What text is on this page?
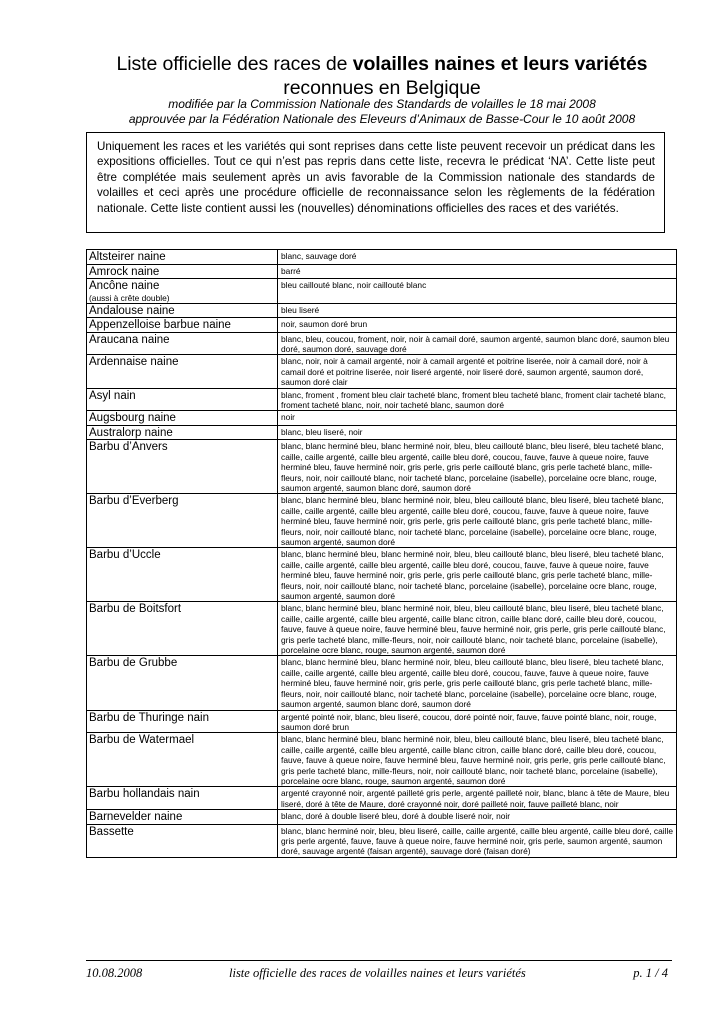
Liste officielle des races de volailles naines et leurs variétés
reconnues en Belgique
modifiée par la Commission Nationale des Standards de volailles le 18 mai 2008
approuvée par la Fédération Nationale des Eleveurs d’Animaux de Basse-Cour le 10 août 2008
Uniquement les races et les variétés qui sont reprises dans cette liste peuvent recevoir un prédicat dans les expositions officielles. Tout ce qui n’est pas repris dans cette liste, recevra le prédicat ‘NA’. Cette liste peut être complétée mais seulement après un avis favorable de la Commission nationale des standards de volailles et ceci après une procédure officielle de reconnaissance selon les règlements de la fédération nationale. Cette liste contient aussi les (nouvelles) dénominations officielles des races et des variétés.
Altsteirer naine	blanc, sauvage doré
Amrock naine	barré
Ancône naine
(aussi à crête double)	bleu caillouté blanc, noir caillouté blanc
Andalouse naine	bleu liseré
Appenzelloise barbue naine	noir, saumon doré brun
Araucana naine	blanc, bleu, coucou, froment, noir, noir à camail doré, saumon argenté, saumon blanc doré, saumon bleu doré, saumon doré, sauvage doré
Ardennaise naine	blanc, noir, noir à camail argenté, noir à camail argenté et poitrine liserée, noir à camail doré, noir à camail doré et poitrine liserée, noir liseré argenté, noir liseré doré, saumon argenté, saumon doré, saumon doré clair
Asyl nain	blanc, froment , froment bleu clair tacheté blanc, froment bleu tacheté blanc, froment clair tacheté blanc, froment tacheté blanc, noir, noir tacheté blanc, saumon doré
Augsbourg naine	noir
Australorp naine	blanc, bleu liseré, noir
Barbu d’Anvers	blanc, blanc herminé bleu, blanc herminé noir, bleu, bleu caillouté blanc, bleu liseré, bleu tacheté blanc, caille, caille argenté, caille bleu argenté, caille bleu doré, coucou, fauve, fauve à queue noire, fauve herminé bleu, fauve herminé noir, gris perle, gris perle caillouté blanc, gris perle tacheté blanc, mille-fleurs, noir, noir caillouté blanc, noir tacheté blanc, porcelaine (isabelle), porcelaine ocre blanc, rouge, saumon argenté, saumon blanc doré, saumon doré
Barbu d’Everberg	blanc, blanc herminé bleu, blanc herminé noir, bleu, bleu caillouté blanc, bleu liseré, bleu tacheté blanc, caille, caille argenté, caille bleu argenté, caille bleu doré, coucou, fauve, fauve à queue noire, fauve herminé bleu, fauve herminé noir, gris perle, gris perle caillouté blanc, gris perle tacheté blanc, mille-fleurs, noir, noir caillouté blanc, noir tacheté blanc, porcelaine (isabelle), porcelaine ocre blanc, rouge, saumon argenté, saumon doré
Barbu d’Uccle	blanc, blanc herminé bleu, blanc herminé noir, bleu, bleu caillouté blanc, bleu liseré, bleu tacheté blanc, caille, caille argenté, caille bleu argenté, caille bleu doré, coucou, fauve, fauve à queue noire, fauve herminé bleu, fauve herminé noir, gris perle, gris perle caillouté blanc, gris perle tacheté blanc, mille-fleurs, noir, noir caillouté blanc, noir tacheté blanc, porcelaine (isabelle), porcelaine ocre blanc, rouge, saumon argenté, saumon doré
Barbu de Boitsfort	blanc, blanc herminé bleu, blanc herminé noir, bleu, bleu caillouté blanc, bleu liseré, bleu tacheté blanc, caille, caille argenté, caille bleu argenté, caille blanc citron, caille blanc doré, caille bleu doré, coucou, fauve, fauve à queue noire, fauve herminé bleu, fauve herminé noir, gris perle, gris perle caillouté blanc, gris perle tacheté blanc, mille-fleurs, noir, noir caillouté blanc, noir tacheté blanc, porcelaine (isabelle), porcelaine ocre blanc, rouge, saumon argenté, saumon doré
Barbu de Grubbe	blanc, blanc herminé bleu, blanc herminé noir, bleu, bleu caillouté blanc, bleu liseré, bleu tacheté blanc, caille, caille argenté, caille bleu argenté, caille bleu doré, coucou, fauve, fauve à queue noire, fauve herminé bleu, fauve herminé noir, gris perle, gris perle caillouté blanc, gris perle tacheté blanc, mille-fleurs, noir, noir caillouté blanc, noir tacheté blanc, porcelaine (isabelle), porcelaine ocre blanc, rouge, saumon argenté, saumon blanc doré, saumon doré
Barbu de Thuringe nain	argenté pointé noir, blanc, bleu liseré, coucou, doré pointé noir, fauve, fauve pointé blanc, noir, rouge, saumon doré brun
Barbu de Watermael	blanc, blanc herminé bleu, blanc herminé noir, bleu, bleu caillouté blanc, bleu liseré, bleu tacheté blanc, caille, caille argenté, caille bleu argenté, caille blanc citron, caille blanc doré, caille bleu doré, coucou, fauve, fauve à queue noire, fauve herminé bleu, fauve herminé noir, gris perle, gris perle caillouté blanc, gris perle tacheté blanc, mille-fleurs, noir, noir caillouté blanc, noir tacheté blanc, porcelaine (isabelle), porcelaine ocre blanc, rouge, saumon argenté, saumon doré
Barbu hollandais nain	argenté crayonné noir, argenté pailleté gris perle, argenté pailleté noir, blanc, blanc à tête de Maure, bleu liseré, doré à tête de Maure, doré crayonné noir, doré pailleté noir, fauve pailleté blanc, noir
Barnevelder naine	blanc, doré à double liseré bleu, doré à double liseré noir, noir
Bassette	blanc, blanc herminé noir, bleu, bleu liseré, caille, caille argenté, caille bleu argenté, caille bleu doré, caille gris perle argenté, fauve, fauve à queue noire, fauve herminé noir, gris perle, saumon argenté, saumon doré, sauvage argenté (faisan argenté), sauvage doré (faisan doré)
10.08.2008	liste officielle des races de volailles naines et leurs variétés	p. 1 / 4
